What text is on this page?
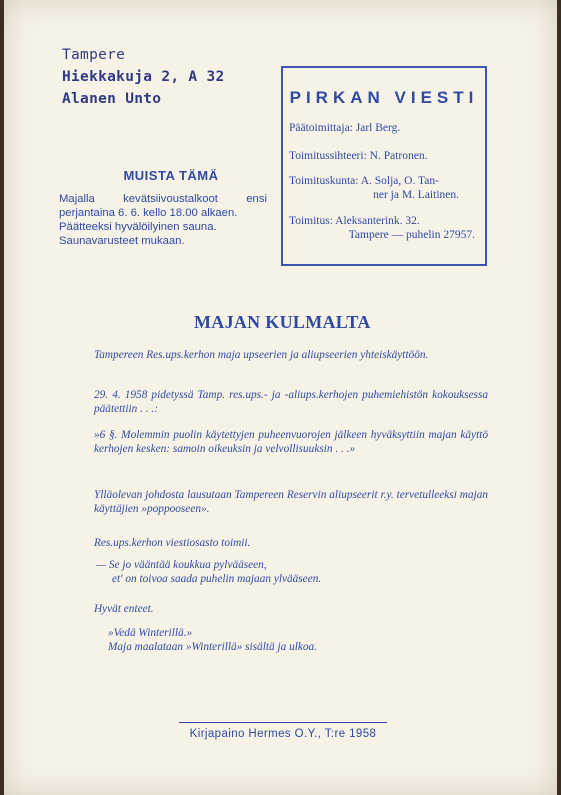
Tampere
Hiekkakuja 2, A 32
Alanen Unto	PIRKAN VIESTI
Päätoimittaja: Jarl Berg.
Toimitussihteeri: N. Patronen.
Toimituskunta: A. Solja, O. Tan-
ner ja M. Laitinen.
Toimitus: Aleksanterink. 32.
Tampere — puhelin 27957.
MUISTA TÄMÄ
Majalla kevätsiivoustalkoot ensi perjantaina 6. 6. kello 18.00 alkaen.
Päätteeksi hyvälöilyinen sauna.
Saunavarusteet mukaan.
MAJAN KULMALTA
Tampereen Res.ups.kerhon maja upseerien ja aliupseerien yhteiskäyttöön.
29. 4. 1958 pidetyssä Tamp. res.ups.- ja -aliups.kerhojen puhemiehistön kokouksessa päätettiin . . .:
»6 §. Molemmin puolin käytettyjen puheenvuorojen jälkeen hyväksyttiin majan käyttö kerhojen kesken: samoin oikeuksin ja velvollisuuksin . . .»
Ylläolevan johdosta lausutaan Tampereen Reservin aliupseerit r.y. tervetulleeksi majan käyttäjien »poppooseen».
Res.ups.kerhon viestiosasto toimii.
— Se jo vääntää koukkua pylvääseen,
et' on toivoa saada puhelin majaan ylvääseen.
Hyvät enteet.
»Vedä Winterillä.»
Maja maalataan »Winterillä» sisältä ja ulkoa.
Kirjapaino Hermes O.Y., T:re 1958
